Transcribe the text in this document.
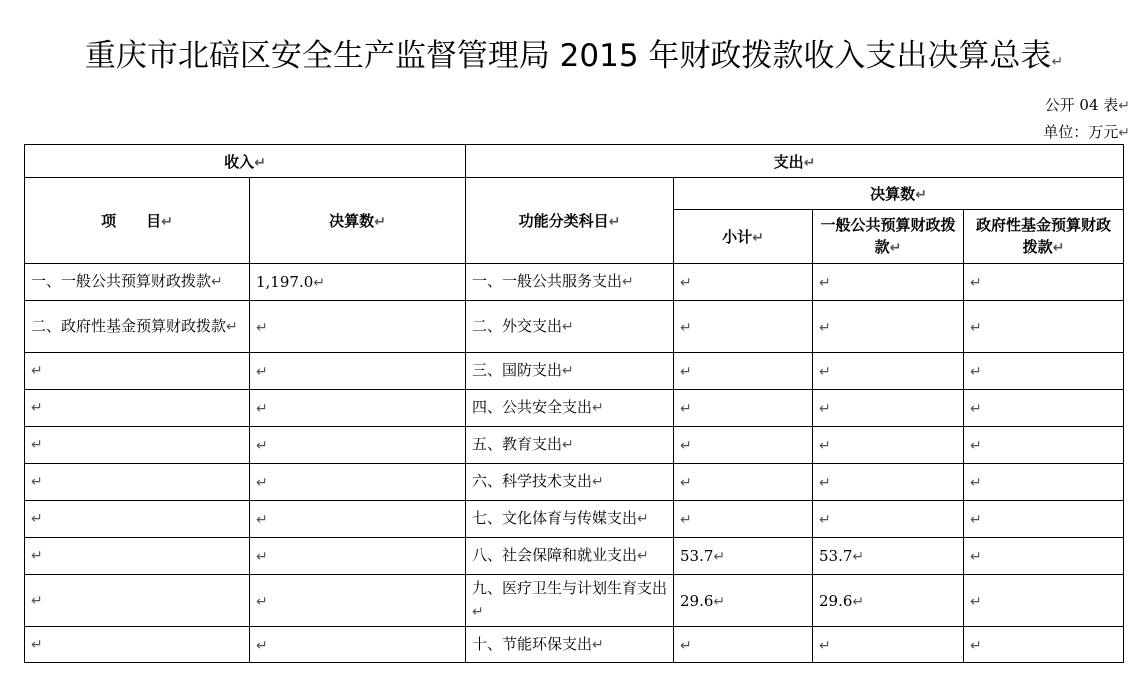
重庆市北碚区安全生产监督管理局 2015 年财政拨款收入支出决算总表↵
公开 04 表↵
单位：万元↵
收入↵		支出↵			
项　　目↵	决算数↵	功能分类科目↵	决算数↵		
			小计↵	一般公共预算财政拨款↵	政府性基金预算财政拨款↵
一、一般公共预算财政拨款↵	1,197.0↵	一、一般公共服务支出↵	↵	↵	↵
二、政府性基金预算财政拨款↵	↵	二、外交支出↵	↵	↵	↵
↵	↵	三、国防支出↵	↵	↵	↵
↵	↵	四、公共安全支出↵	↵	↵	↵
↵	↵	五、教育支出↵	↵	↵	↵
↵	↵	六、科学技术支出↵	↵	↵	↵
↵	↵	七、文化体育与传媒支出↵	↵	↵	↵
↵	↵	八、社会保障和就业支出↵	53.7↵	53.7↵	↵
↵	↵	九、医疗卫生与计划生育支出↵	29.6↵	29.6↵	↵
↵	↵	十、节能环保支出↵	↵	↵	↵
